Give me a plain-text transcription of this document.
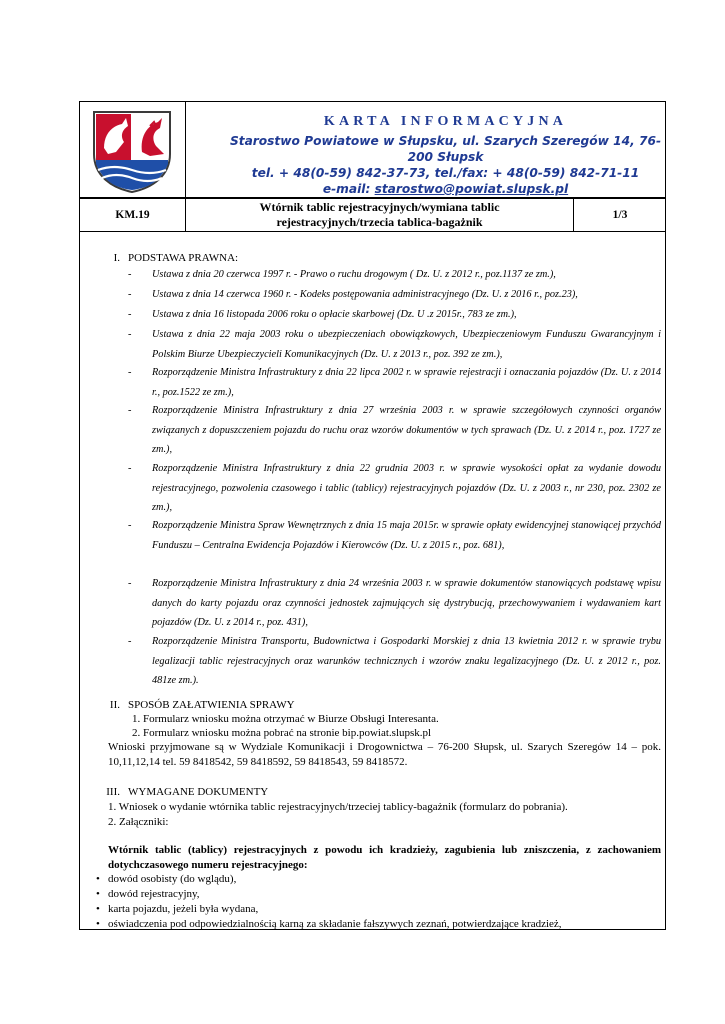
KARTA INFORMACYJNA
Starostwo Powiatowe w Słupsku, ul. Szarych Szeregów 14, 76-200 Słupsk
tel. + 48(0-59) 842-37-73, tel./fax: + 48(0-59) 842-71-11
e-mail: starostwo@powiat.slupsk.pl
KM.19
Wtórnik tablic rejestracyjnych/wymiana tablic
rejestracyjnych/trzecia tablica-bagażnik	1/3
I. PODSTAWA PRAWNA:
- Ustawa z dnia 20 czerwca 1997 r. - Prawo o ruchu drogowym ( Dz. U. z 2012 r., poz.1137 ze zm.),
- Ustawa z dnia 14 czerwca 1960 r. - Kodeks postępowania administracyjnego (Dz. U. z 2016 r., poz.23),
- Ustawa z dnia 16 listopada 2006 roku o opłacie skarbowej (Dz. U .z 2015r., 783 ze zm.),
- Ustawa z dnia 22 maja 2003 roku o ubezpieczeniach obowiązkowych, Ubezpieczeniowym Funduszu Gwarancyjnym i Polskim Biurze Ubezpieczycieli Komunikacyjnych (Dz. U. z 2013 r., poz. 392 ze zm.),
- Rozporządzenie Ministra Infrastruktury z dnia 22 lipca 2002 r. w sprawie rejestracji i oznaczania pojazdów (Dz. U. z 2014 r., poz.1522 ze zm.),
- Rozporządzenie Ministra Infrastruktury z dnia 27 września 2003 r. w sprawie szczegółowych czynności organów związanych z dopuszczeniem pojazdu do ruchu oraz wzorów dokumentów w tych sprawach (Dz. U. z 2014 r., poz. 1727 ze zm.),
- Rozporządzenie Ministra Infrastruktury z dnia 22 grudnia 2003 r. w sprawie wysokości opłat za wydanie dowodu rejestracyjnego, pozwolenia czasowego i tablic (tablicy) rejestracyjnych pojazdów (Dz. U. z 2003 r., nr 230, poz. 2302 ze zm.),
- Rozporządzenie Ministra Spraw Wewnętrznych z dnia 15 maja 2015r. w sprawie opłaty ewidencyjnej stanowiącej przychód Funduszu – Centralna Ewidencja Pojazdów i Kierowców (Dz. U. z 2015 r., poz. 681),
- Rozporządzenie Ministra Infrastruktury z dnia 24 września 2003 r. w sprawie dokumentów stanowiących podstawę wpisu danych do karty pojazdu oraz czynności jednostek zajmujących się dystrybucją, przechowywaniem i wydawaniem kart pojazdów (Dz. U. z 2014 r., poz. 431),
- Rozporządzenie Ministra Transportu, Budownictwa i Gospodarki Morskiej z dnia 13 kwietnia 2012 r. w sprawie trybu legalizacji tablic rejestracyjnych oraz warunków technicznych i wzorów znaku legalizacyjnego (Dz. U. z 2012 r., poz. 481ze zm.).
II. SPOSÓB ZAŁATWIENIA SPRAWY
1. Formularz wniosku można otrzymać w Biurze Obsługi Interesanta.
2. Formularz wniosku można pobrać na stronie bip.powiat.slupsk.pl
Wnioski przyjmowane są w Wydziale Komunikacji i Drogownictwa – 76-200 Słupsk, ul. Szarych Szeregów 14 – pok. 10,11,12,14 tel. 59 8418542, 59 8418592, 59 8418543, 59 8418572.
III. WYMAGANE DOKUMENTY
1. Wniosek o wydanie wtórnika tablic rejestracyjnych/trzeciej tablicy-bagażnik (formularz do pobrania).
2. Załączniki:
Wtórnik tablic (tablicy) rejestracyjnych z powodu ich kradzieży, zagubienia lub zniszczenia, z zachowaniem dotychczasowego numeru rejestracyjnego:
• dowód osobisty (do wglądu),
• dowód rejestracyjny,
• karta pojazdu, jeżeli była wydana,
• oświadczenia pod odpowiedzialnością karną za składanie fałszywych zeznań, potwierdzające kradzież,
